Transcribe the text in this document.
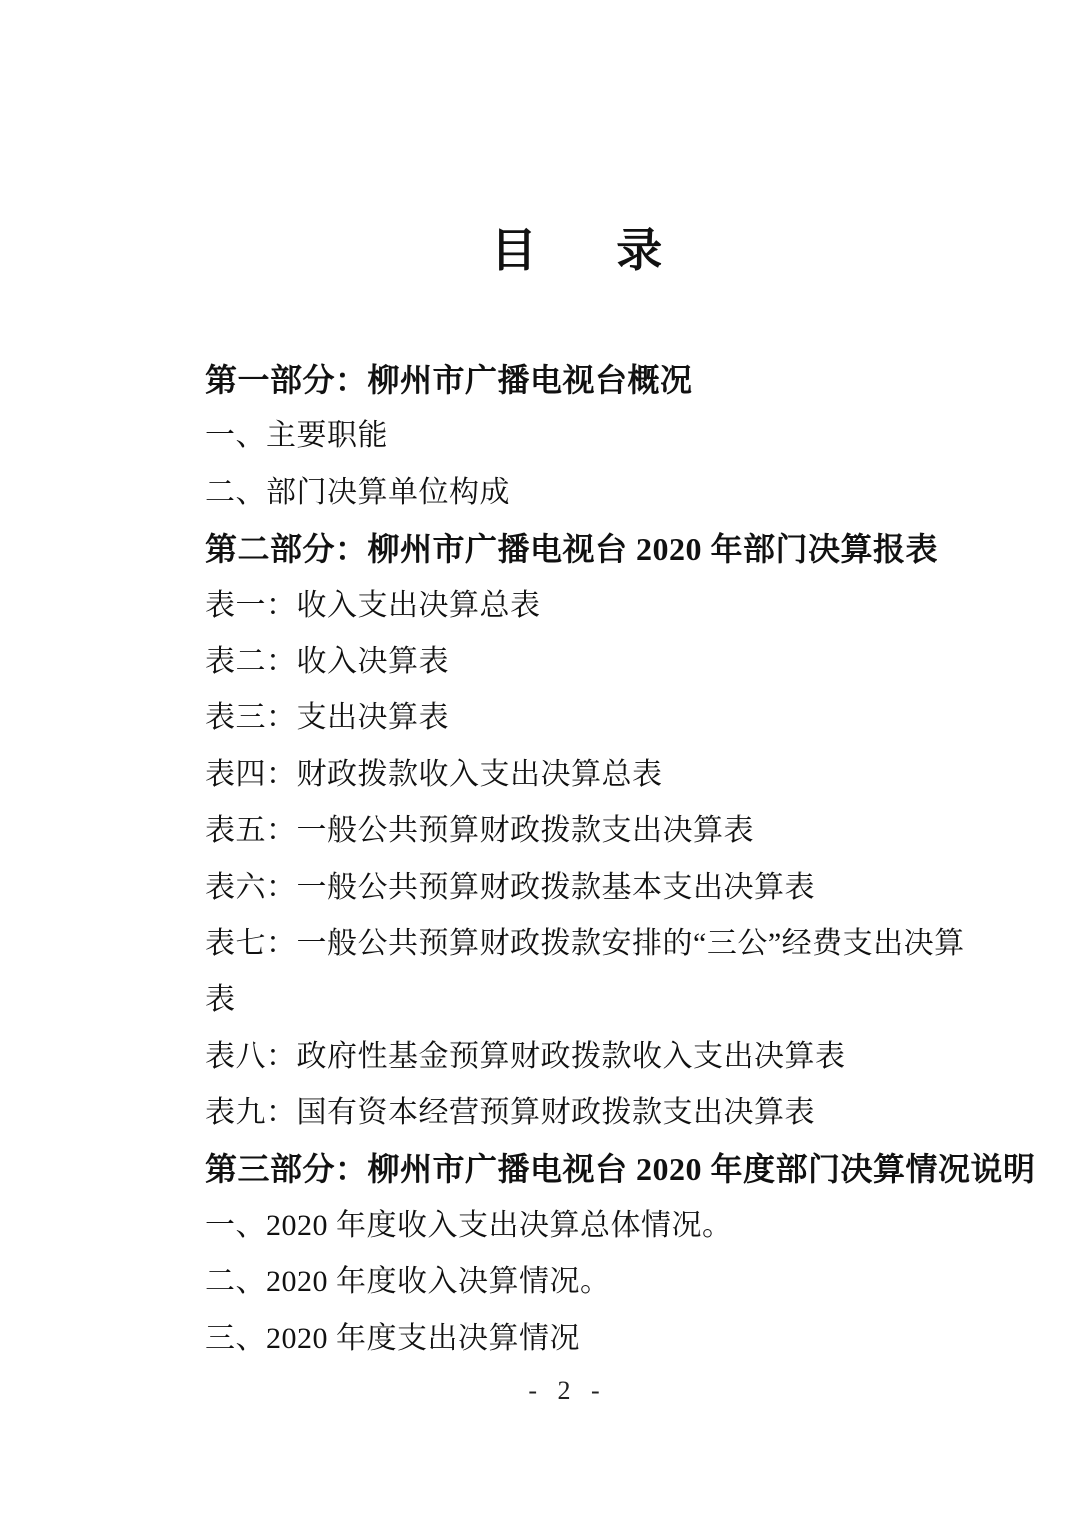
目 录

第一部分：柳州市广播电视台概况

一、主要职能

二、部门决算单位构成

第二部分：柳州市广播电视台 2020 年部门决算报表

表一：收入支出决算总表

表二：收入决算表

表三：支出决算表

表四：财政拨款收入支出决算总表

表五：一般公共预算财政拨款支出决算表

表六：一般公共预算财政拨款基本支出决算表

表七：一般公共预算财政拨款安排的“三公”经费支出决算

表

表八：政府性基金预算财政拨款收入支出决算表

表九：国有资本经营预算财政拨款支出决算表

第三部分：柳州市广播电视台 2020 年度部门决算情况说明

一、2020 年度收入支出决算总体情况。

二、2020 年度收入决算情况。

三、2020 年度支出决算情况

- 2 -
